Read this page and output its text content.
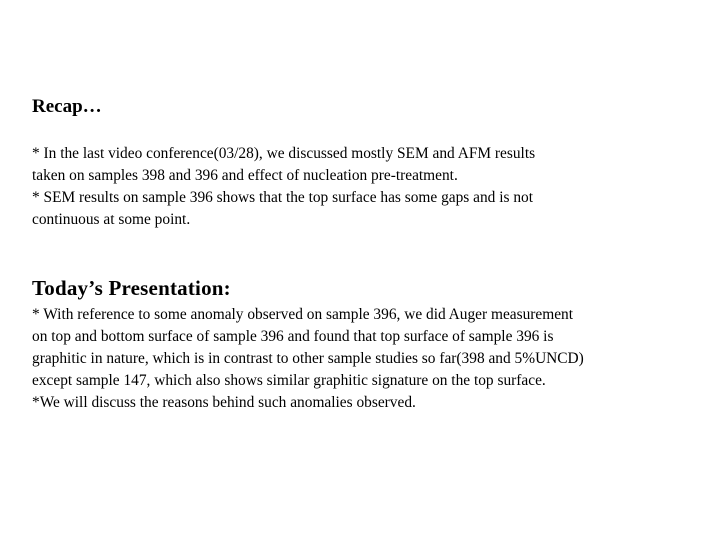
Recap…
* In the last video conference(03/28), we discussed mostly SEM and AFM results
taken on samples 398 and 396 and effect of nucleation pre-treatment.
* SEM results on sample 396 shows that the top surface has some gaps and is not
continuous at some point.
Today’s Presentation:
* With reference to some anomaly observed on sample 396, we did Auger measurement
on top and bottom surface of sample 396 and found that top surface of sample 396 is
graphitic in nature, which is in contrast to other sample studies so far(398 and 5%UNCD)
except sample 147, which also shows similar graphitic signature on the top surface.
*We will discuss the reasons behind such anomalies observed.
